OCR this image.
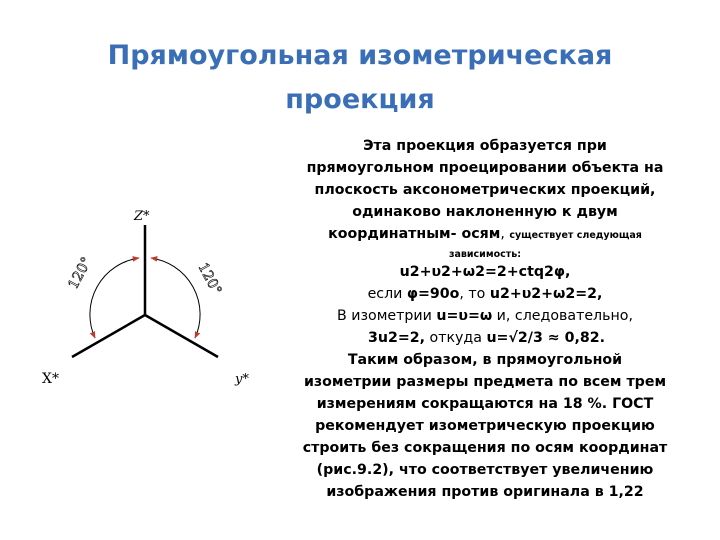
Прямоугольная изометрическая
проекция
Z*
X*	y*
120°	120°

Эта проекция образуется при

прямоугольном проецировании объекта на

плоскость аксонометрических проекций,

одинаково наклоненную к двум

координатным- осям, существует следующая

зависимость:

u2+υ2+ω2=2+ctq2φ,

если φ=90о, то u2+υ2+ω2=2,

В изометрии u=υ=ω и, следовательно,

3u2=2, откуда u=√2/3 ≈ 0,82.

Таким образом, в прямоугольной

изометрии размеры предмета по всем трем

измерениям сокращаются на 18 %. ГОСТ

рекомендует изометрическую проекцию

строить без сокращения по осям координат

(рис.9.2), что соответствует увеличению

изображения против оригинала в 1,22
